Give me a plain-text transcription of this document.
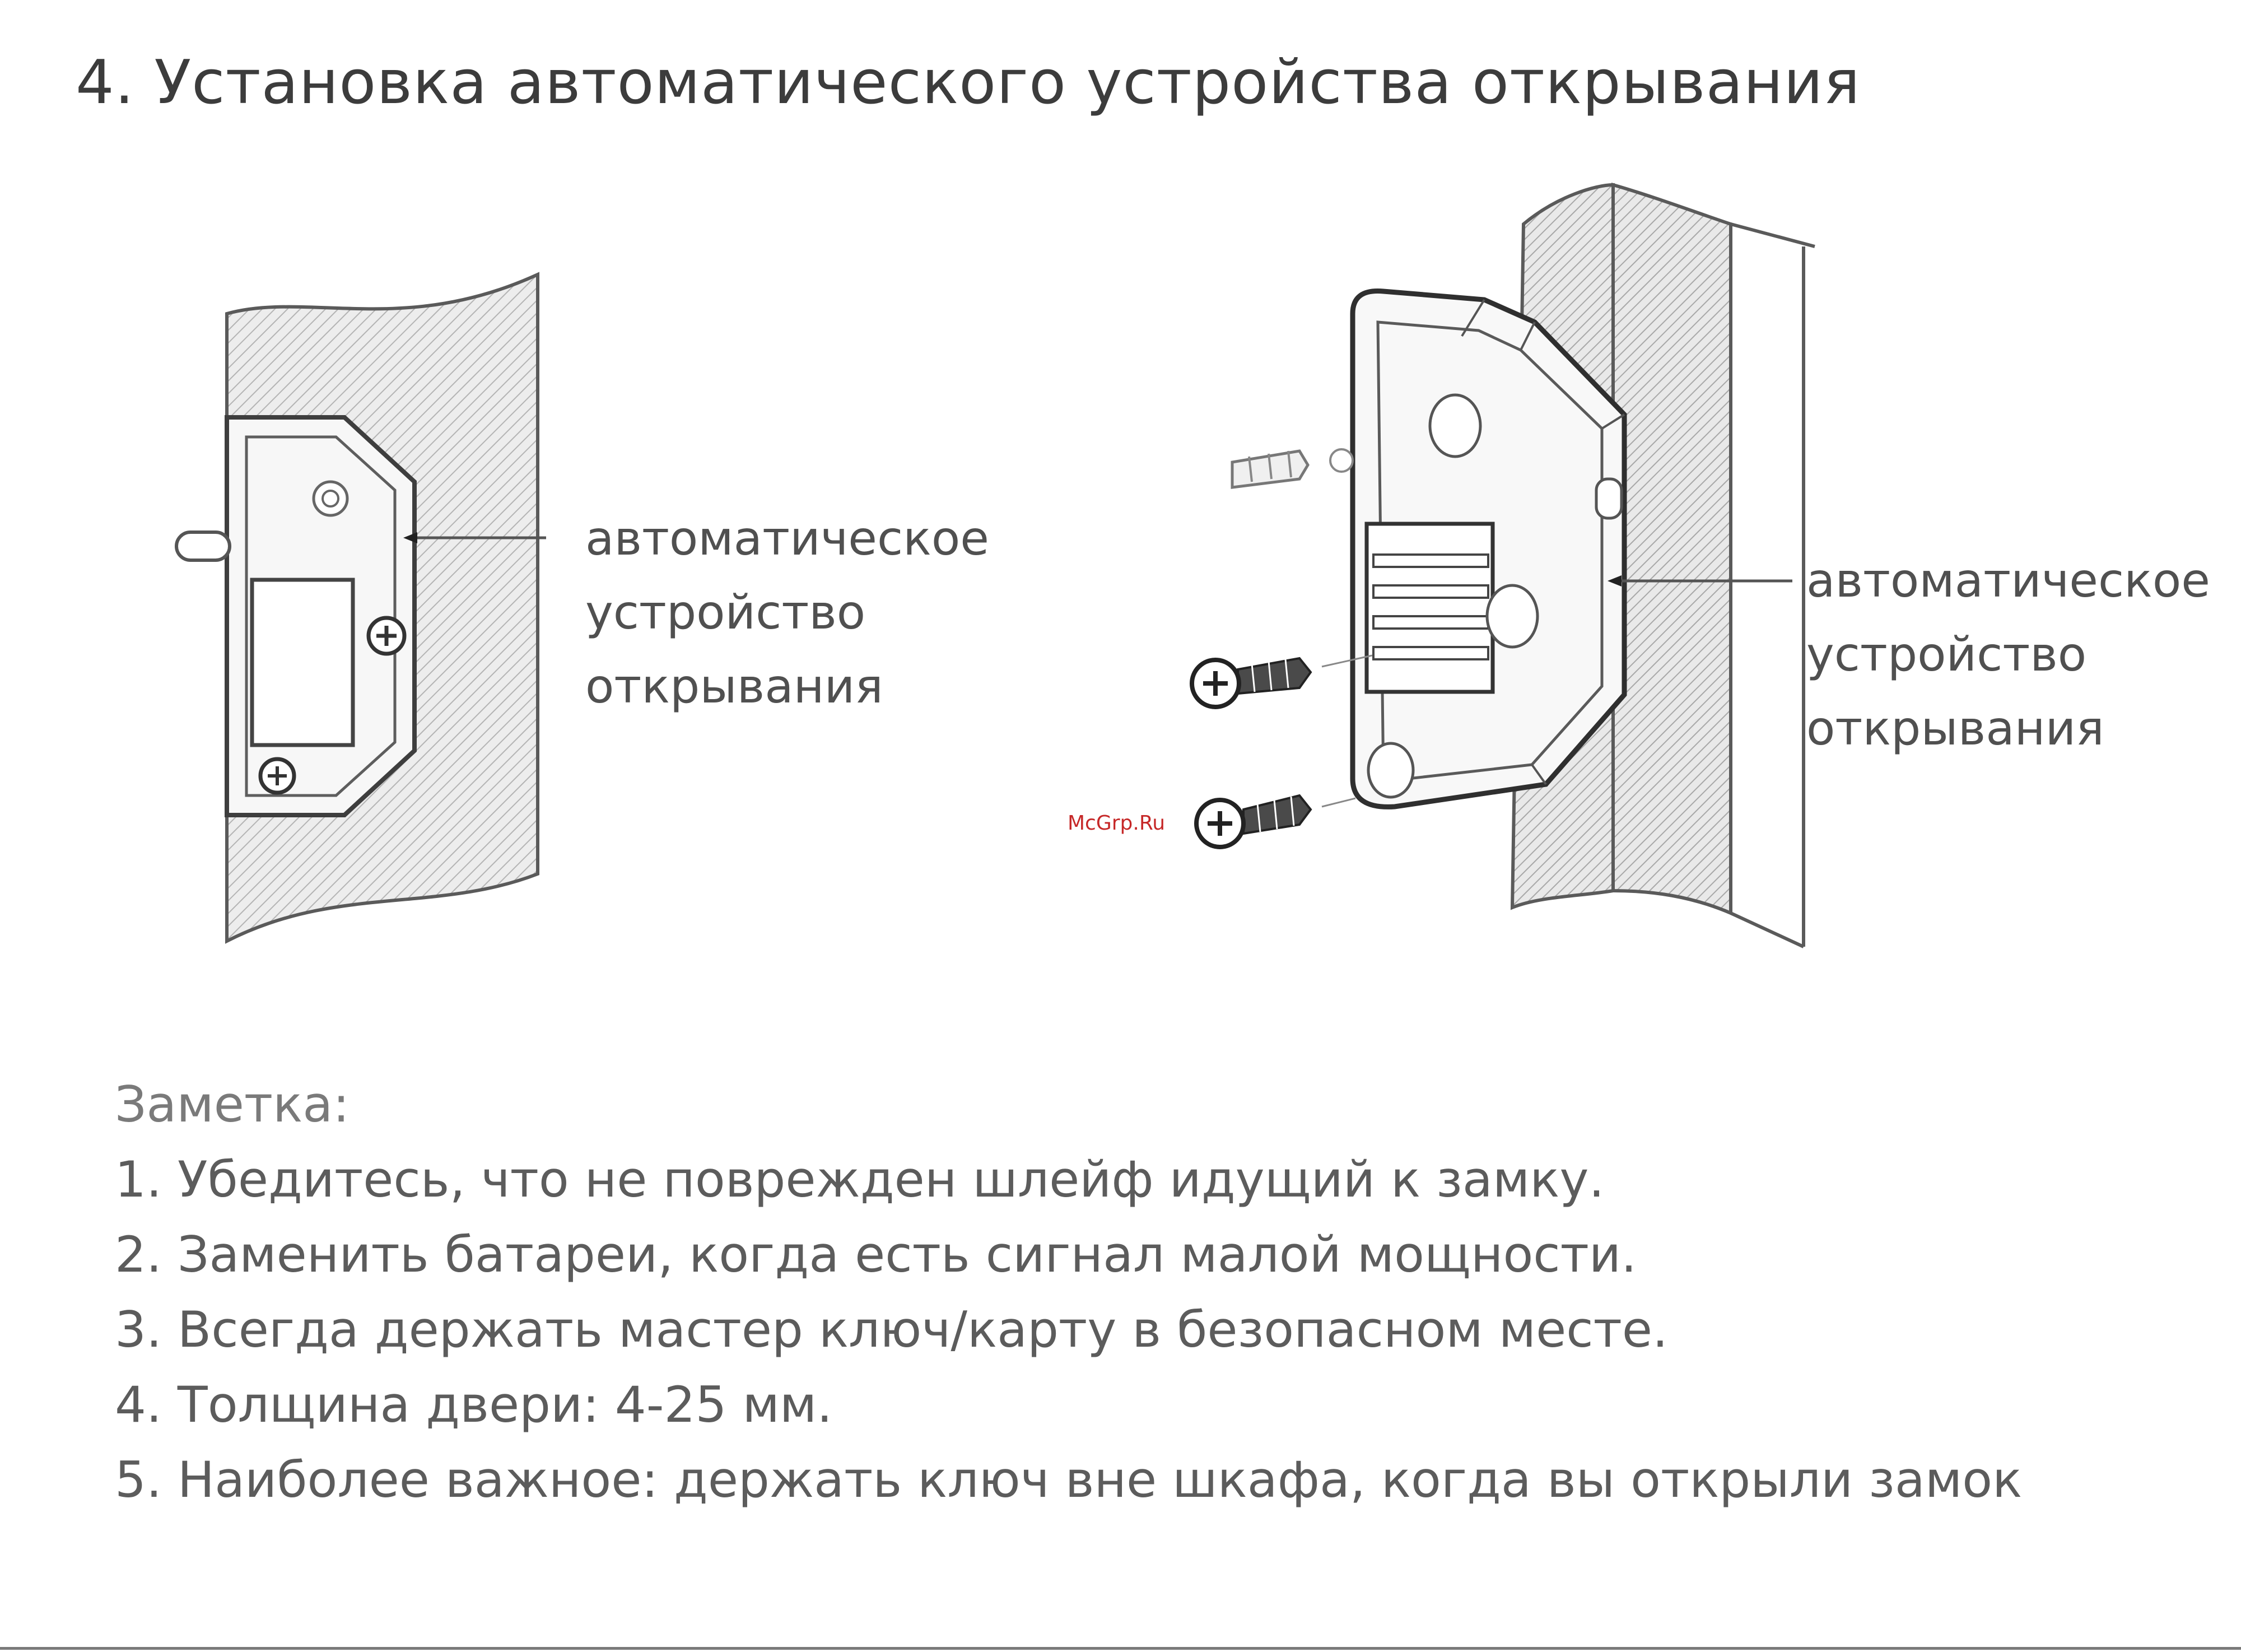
4. Установка автоматического устройства открывания
автоматическое
устройство
открывания
автоматическое
устройство
открывания
McGrp.Ru
Заметка:
1. Убедитесь, что не поврежден шлейф идущий к замку.
2. Заменить батареи, когда есть сигнал малой мощности.
3. Всегда держать мастер ключ/карту в безопасном месте.
4. Толщина двери: 4-25 мм.
5. Наиболее важное: держать ключ вне шкафа, когда вы открыли замок
